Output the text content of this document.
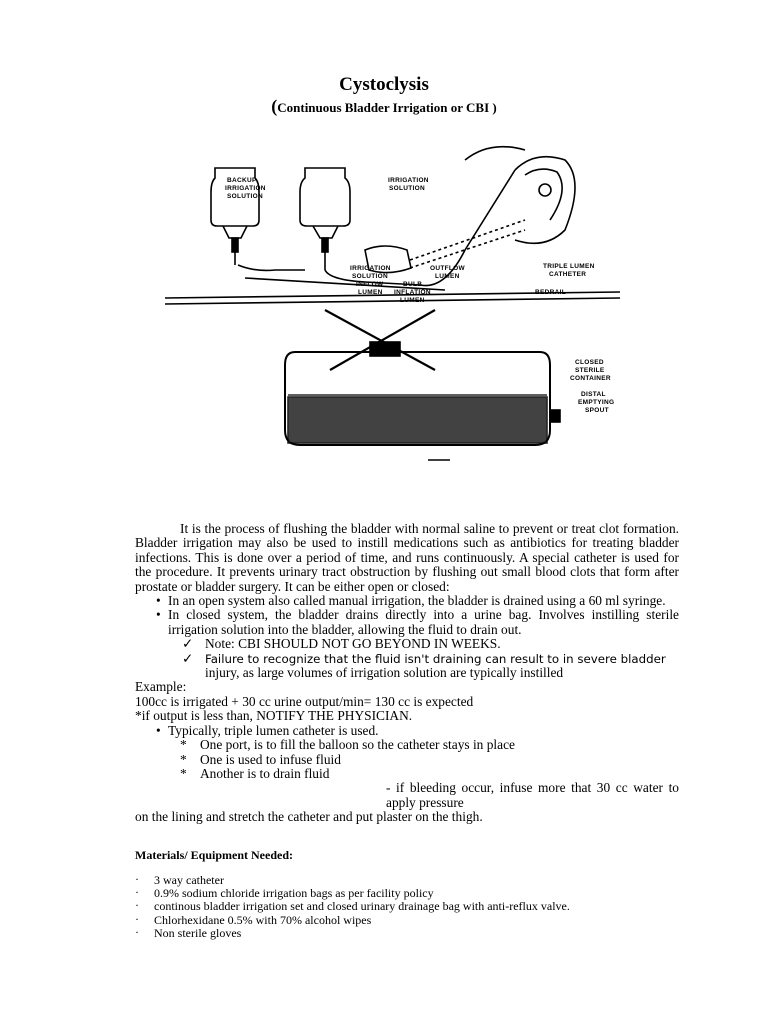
Cystoclysis
(Continuous Bladder Irrigation or CBI )
BACKUP
IRRIGATION
SOLUTION
IRRIGATION
SOLUTION
TRIPLE LUMEN
CATHETER
IRRIGATION
SOLUTION
INFLOW
LUMEN
OUTFLOW
LUMEN
BULB
INFLATION
LUMEN
BEDRAIL
CLOSED
STERILE
CONTAINER
DISTAL
EMPTYING
SPOUT

It is the process of flushing the bladder with normal saline to prevent or treat clot formation. Bladder irrigation may also be used to instill medications such as antibiotics for treating bladder infections. This is done over a period of time, and runs continuously. A special catheter is used for the procedure. It prevents urinary tract obstruction by flushing out small blood clots that form after prostate or bladder surgery. It can be either open or closed:

• In an open system also called manual irrigation, the bladder is drained using a 60 ml syringe.

• In closed system, the bladder drains directly into a urine bag. Involves instilling sterile irrigation solution into the bladder, allowing the fluid to drain out.

✓ Note: CBI SHOULD NOT GO BEYOND IN WEEKS.

✓ Failure to recognize that the fluid isn't draining can result to in severe bladder
injury, as large volumes of irrigation solution are typically instilled

Example:

100cc is irrigated + 30 cc urine output/min= 130 cc is expected

*if output is less than, NOTIFY THE PHYSICIAN.

• Typically, triple lumen catheter is used.

* One port, is to fill the balloon so the catheter stays in place

* One is used to infuse fluid

* Another is to drain fluid

- if bleeding occur, infuse more that 30 cc water to apply pressure

on the lining and stretch the catheter and put plaster on the thigh.

Materials/ Equipment Needed:
· 3 way catheter
· 0.9% sodium chloride irrigation bags as per facility policy
· continous bladder irrigation set and closed urinary drainage bag with anti-reflux valve.
· Chlorhexidane 0.5% with 70% alcohol wipes
· Non sterile gloves
